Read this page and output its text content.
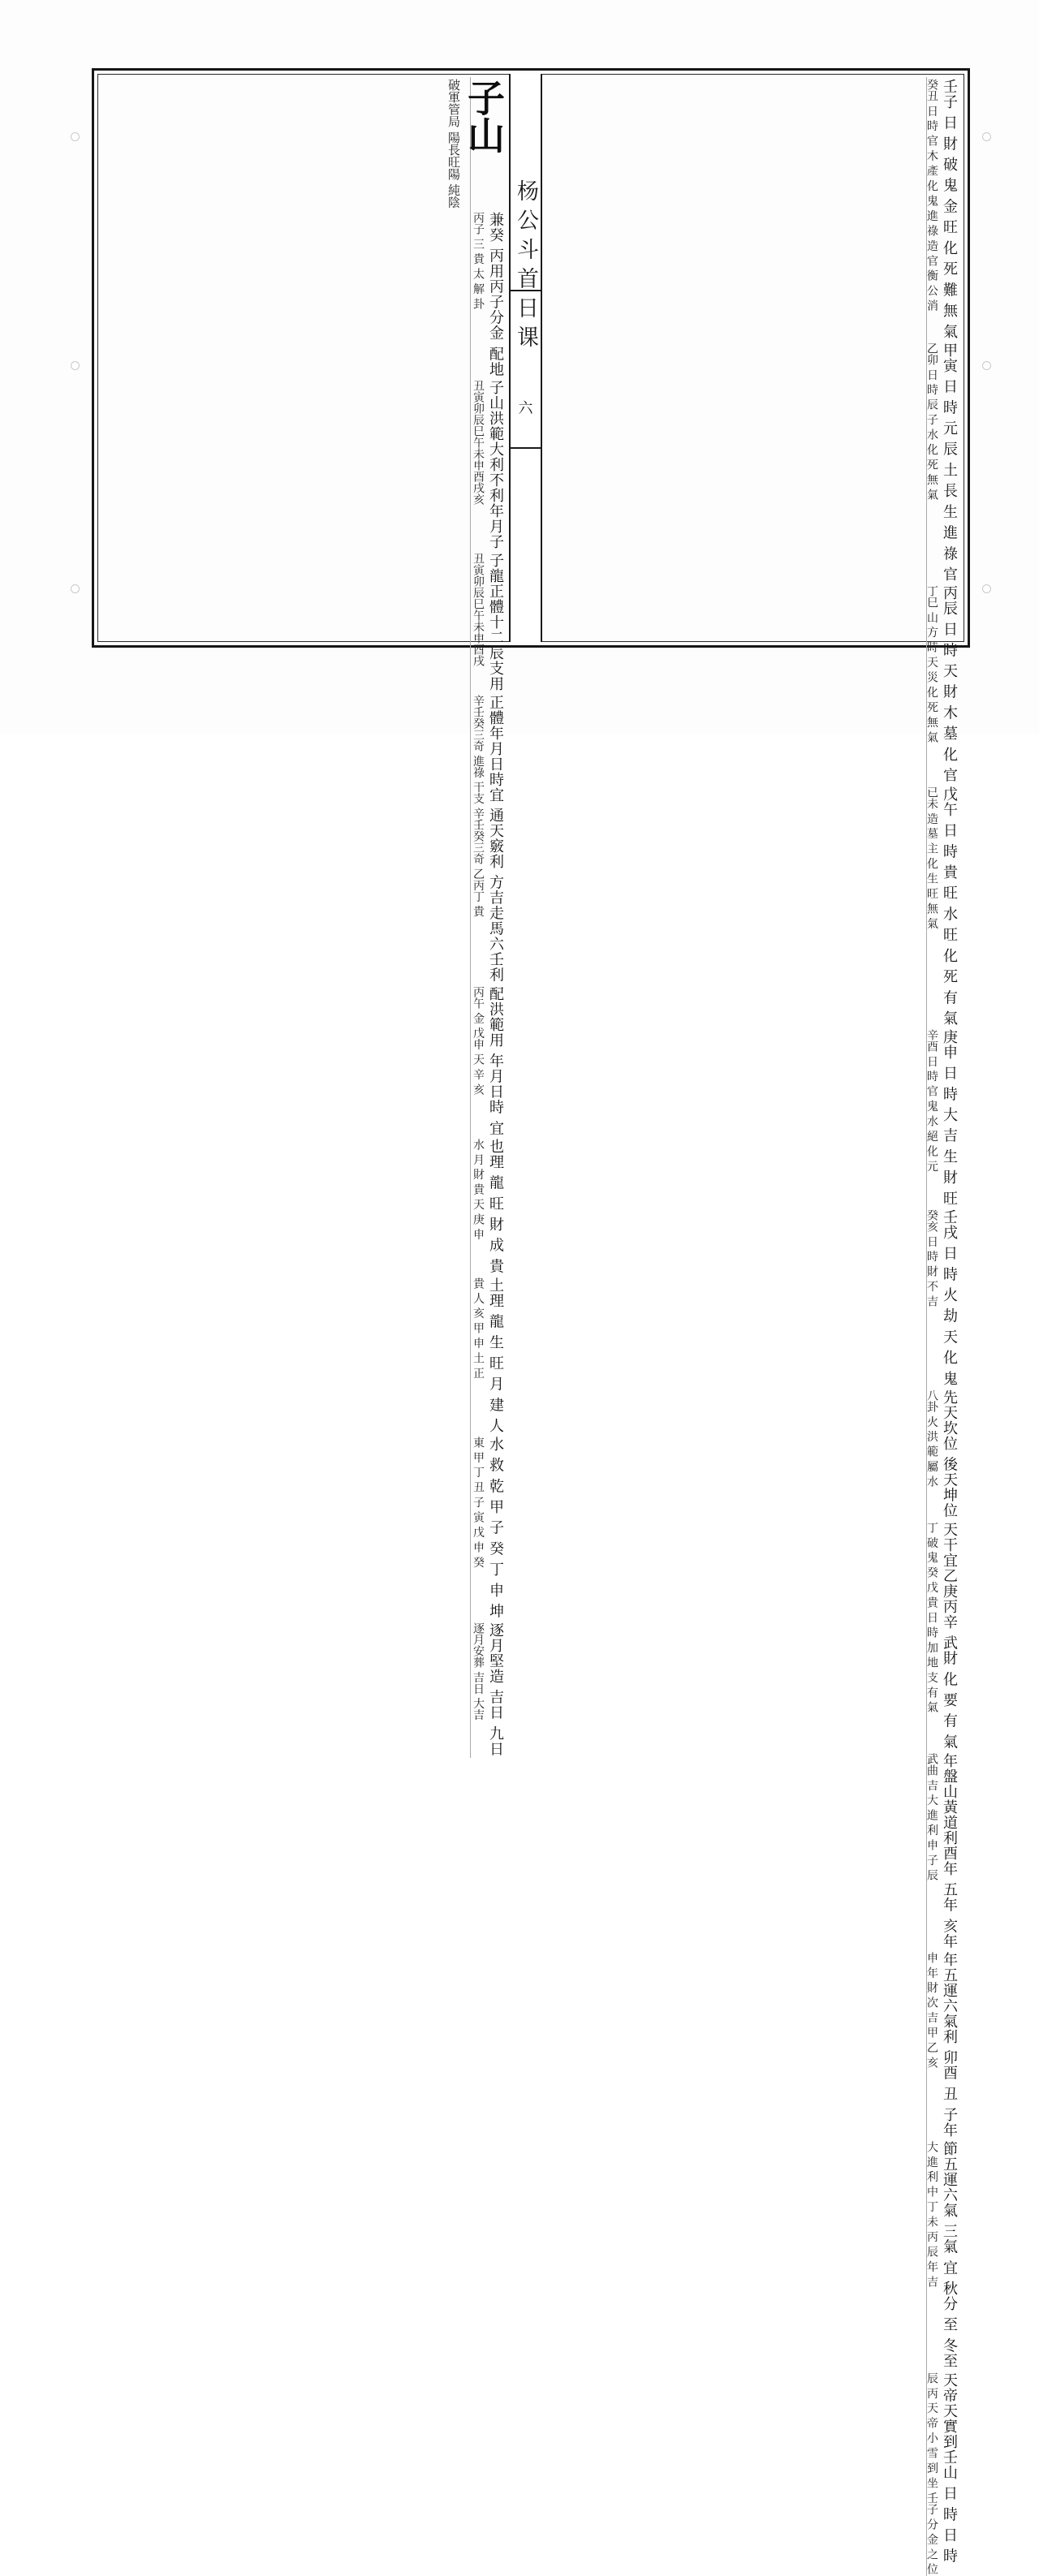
子山
破軍管局 陽長旺陽 純陰
兼癸 丙用丙子分金 配地
丙子 三 貴 太 解 卦
子山洪範大利不利年月子
丑寅卯辰巳午未申酉戌亥
子龍正體十二辰支用
丑寅卯辰巳午未申酉戌
正體年月日時宜
辛壬癸三奇 進祿 干支
通天竅利 方吉走馬六壬利
辛壬癸三奇 乙丙丁 貴
配洪範用 年月日時 宜
丙午 金 戊申 天 辛 亥
也理 龍 旺 財 成 貴
水 月 財 貴 天 庚 申
土理 龍 生 旺 月 建 人
貴 人 亥 甲 申 土 正
水 救 乾 甲 子 癸 丁 申 坤
東 甲 丁 丑 子 寅 戊 申 癸
逐月堅造 吉日 九日
逐月安葬 吉日 大吉
杨公斗首日课
六
壬子 日 財 破 鬼 金 旺 化 死 難 無 氣
癸丑 日 時 官 木 產 化 鬼 進 祿 造 官 衡 公 消
甲寅 日 時 元 辰 土 長 生 進 祿 官
乙卯 日 時 辰 子 水 化 死 無 氣
丙辰 日 時 天 財 木 墓 化 官
丁巳 山 方 時 天 災 化 死 無 氣
戊午 日 時 貴 旺 水 旺 化 死 有 氣
已未 造 墓 主 化 生 旺 無 氣
庚申 日 時 大 吉 生 財 旺
辛酉 日 時 官 鬼 水 絕 化 元
壬戌 日 時 火 劫 天 化 鬼
癸亥 日 時 財 不 吉
先天坎位 後天坤位
八卦 火 洪 範 屬 水
天干宜乙庚丙辛 武財 化 要 有 氣
丁 破 鬼 癸 戊 貴 日 時 加 地 支 有 氣
年盤山黃道利酉年 五年 亥年
武曲 吉 大 進 利 申 子 辰
年五運六氣利 卯酉 丑 子年
申 年 財 次 吉 甲 乙 亥
節五運六氣 三氣 宜 秋分 至 冬至
大 進 利 中 丁 未 丙 辰 年 吉
天帝天實到壬山 日 時 日 時
辰 丙 天 帝 小 雪 到 坐 壬子 分 金 之 位
